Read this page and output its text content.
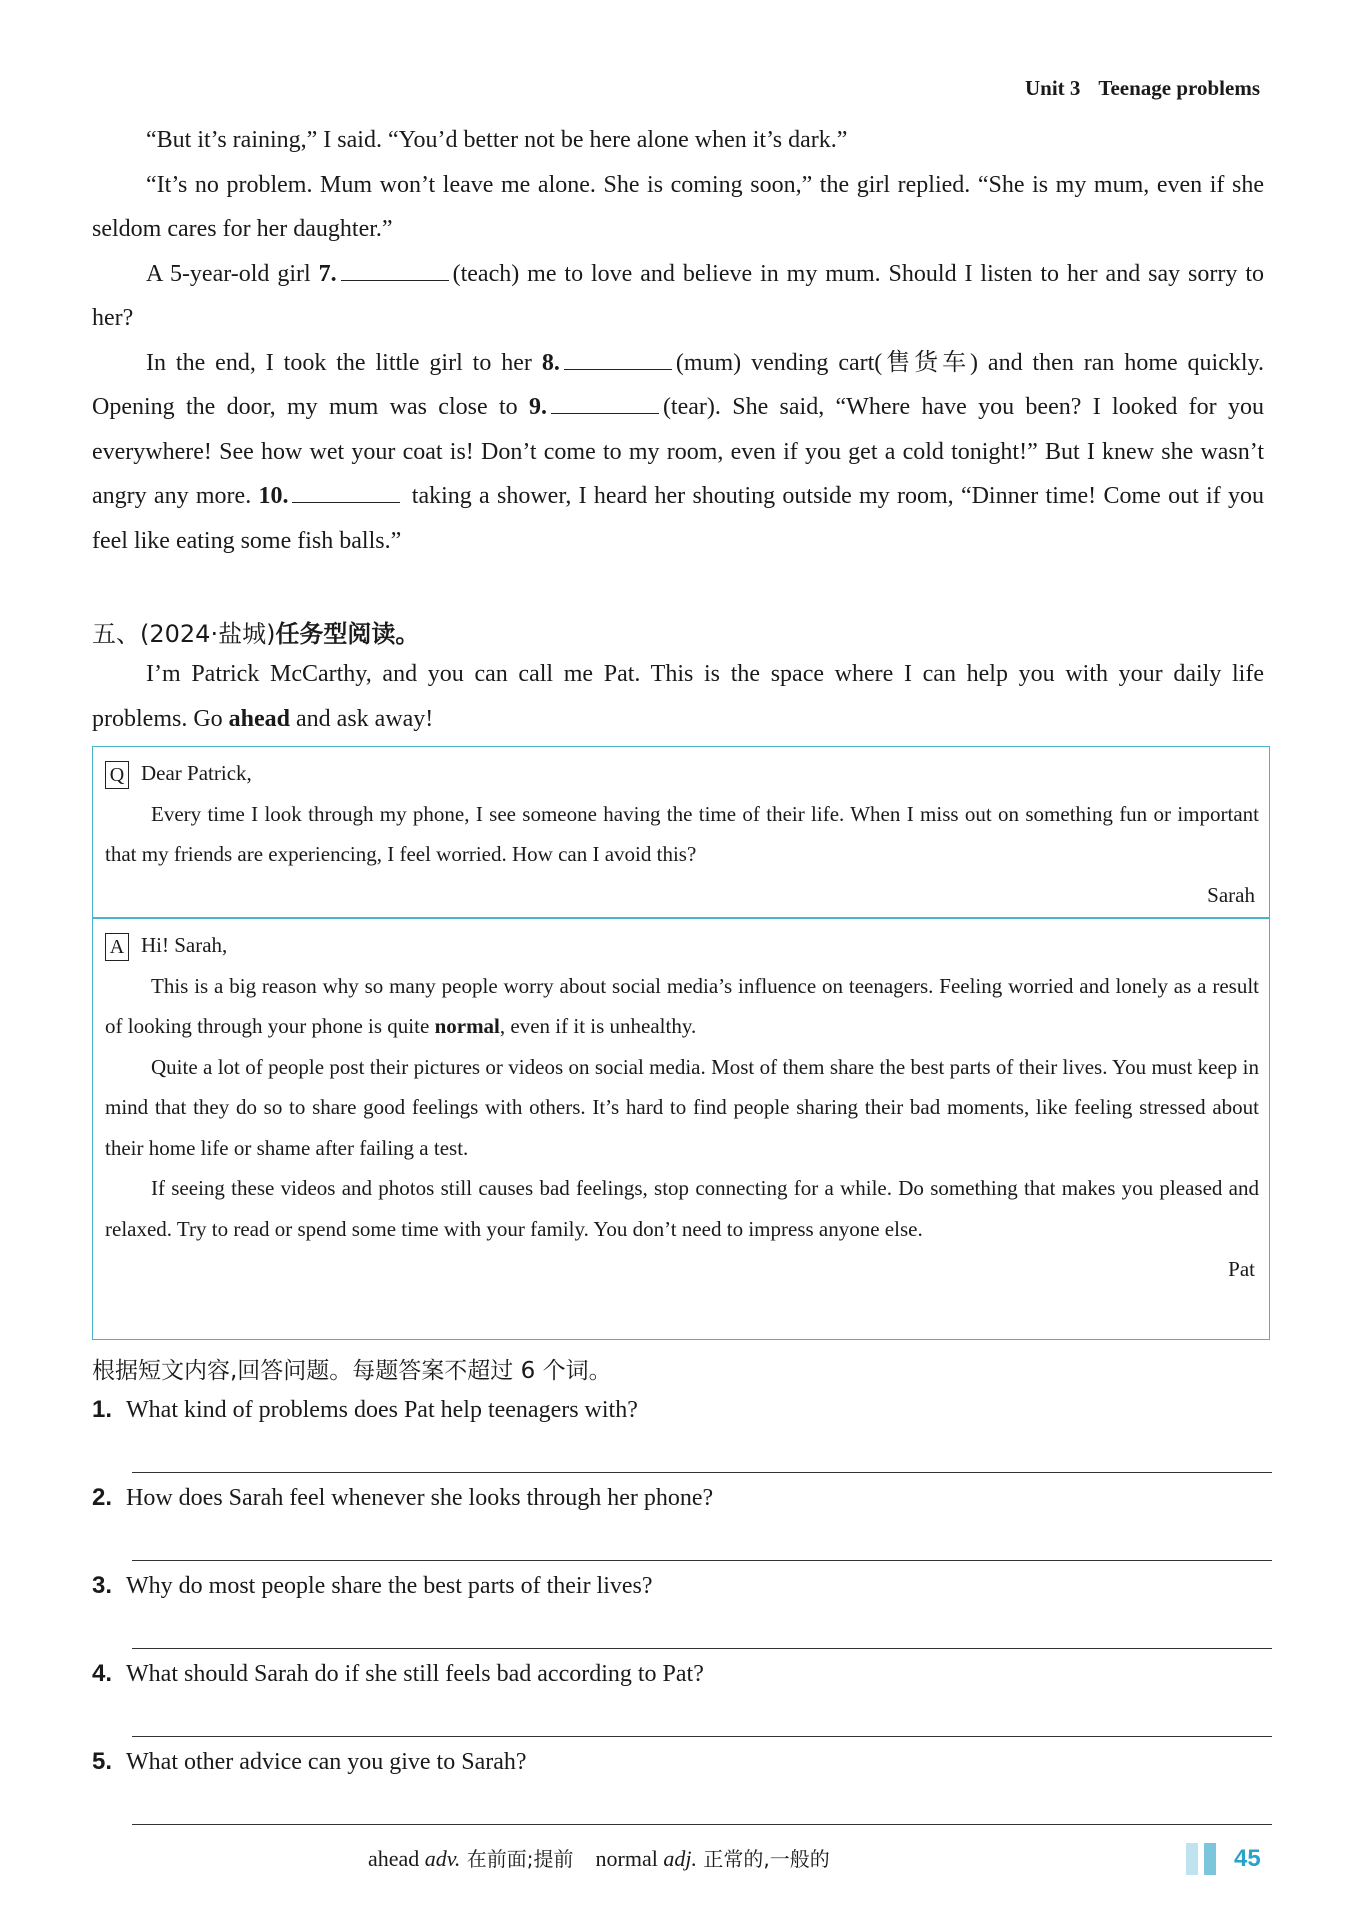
Unit 3 Teenage problems

“But it’s raining,” I said. “You’d better not be here alone when it’s dark.”

“It’s no problem. Mum won’t leave me alone. She is coming soon,” the girl replied. “She is my mum, even if she seldom cares for her daughter.”

A 5-year-old girl 7.	(teach) me to love and believe in my mum. Should I listen to her and say sorry to her?

In the end, I took the little girl to her 8.	(mum) vending cart(售货车) and then ran home quickly. Opening the door, my mum was close to 9.	(tear). She said, “Where have you been? I looked for you everywhere! See how wet your coat is! Don’t come to my room, even if you get a cold tonight!” But I knew she wasn’t angry any more. 10.	taking a shower, I heard her shouting outside my room, “Dinner time! Come out if you feel like eating some fish balls.”

五、(2024·盐城)任务型阅读。

I’m Patrick McCarthy, and you can call me Pat. This is the space where I can help you with your daily life problems. Go ahead and ask away!

Q Dear Patrick,

Every time I look through my phone, I see someone having the time of their life. When I miss out on something fun or important that my friends are experiencing, I feel worried. How can I avoid this?

Sarah

A Hi! Sarah,

This is a big reason why so many people worry about social media’s influence on teenagers. Feeling worried and lonely as a result of looking through your phone is quite normal, even if it is unhealthy.

Quite a lot of people post their pictures or videos on social media. Most of them share the best parts of their lives. You must keep in mind that they do so to share good feelings with others. It’s hard to find people sharing their bad moments, like feeling stressed about their home life or shame after failing a test.

If seeing these videos and photos still causes bad feelings, stop connecting for a while. Do something that makes you pleased and relaxed. Try to read or spend some time with your family. You don’t need to impress anyone else.

Pat

根据短文内容,回答问题。每题答案不超过 6 个词。
1. What kind of problems does Pat help teenagers with?
2. How does Sarah feel whenever she looks through her phone?
3. Why do most people share the best parts of their lives?
4. What should Sarah do if she still feels bad according to Pat?
5. What other advice can you give to Sarah?
ahead adv. 在前面;提前 normal adj. 正常的,一般的	45
